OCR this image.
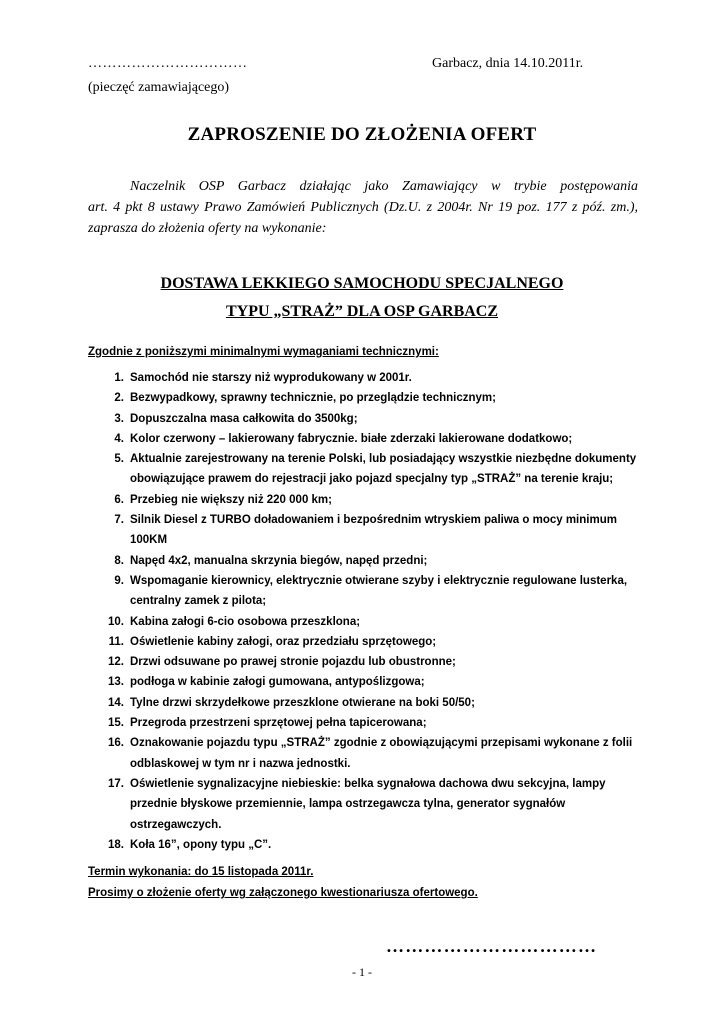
……………………………	Garbacz, dnia 14.10.2011r.
(pieczęć zamawiającego)
ZAPROSZENIE DO ZŁOŻENIA OFERT
Naczelnik OSP Garbacz działając jako Zamawiający w trybie postępowania
art. 4 pkt 8 ustawy Prawo Zamówień Publicznych (Dz.U. z 2004r. Nr 19 poz. 177 z póź. zm.),
zaprasza do złożenia oferty na wykonanie:
DOSTAWA LEKKIEGO SAMOCHODU SPECJALNEGO
TYPU „STRAŻ” DLA OSP GARBACZ
Zgodnie z poniższymi minimalnymi wymaganiami technicznymi:
1. Samochód nie starszy niż wyprodukowany w 2001r.
2. Bezwypadkowy, sprawny technicznie, po przeglądzie technicznym;
3. Dopuszczalna masa całkowita do 3500kg;
4. Kolor czerwony – lakierowany fabrycznie. białe zderzaki lakierowane dodatkowo;
5. Aktualnie zarejestrowany na terenie Polski, lub posiadający wszystkie niezbędne dokumenty obowiązujące prawem do rejestracji jako pojazd specjalny typ „STRAŻ” na terenie kraju;
6. Przebieg nie większy niż 220 000 km;
7. Silnik Diesel z TURBO doładowaniem i bezpośrednim wtryskiem paliwa o mocy minimum 100KM
8. Napęd 4x2, manualna skrzynia biegów, napęd przedni;
9. Wspomaganie kierownicy, elektrycznie otwierane szyby i elektrycznie regulowane lusterka, centralny zamek z pilota;
10. Kabina załogi 6-cio osobowa przeszklona;
11. Oświetlenie kabiny załogi, oraz przedziału sprzętowego;
12. Drzwi odsuwane po prawej stronie pojazdu lub obustronne;
13. podłoga w kabinie załogi gumowana, antypoślizgowa;
14. Tylne drzwi skrzydełkowe przeszklone otwierane na boki 50/50;
15. Przegroda przestrzeni sprzętowej pełna tapicerowana;
16. Oznakowanie pojazdu typu „STRAŻ” zgodnie z obowiązującymi przepisami wykonane z folii odblaskowej w tym nr i nazwa jednostki.
17. Oświetlenie sygnalizacyjne niebieskie: belka sygnałowa dachowa dwu sekcyjna, lampy przednie błyskowe przemiennie, lampa ostrzegawcza tylna, generator sygnałów ostrzegawczych.
18. Koła 16”, opony typu „C”.
Termin wykonania: do 15 listopada 2011r.
Prosimy o złożenie oferty wg załączonego kwestionariusza ofertowego.
……………………………
- 1 -
